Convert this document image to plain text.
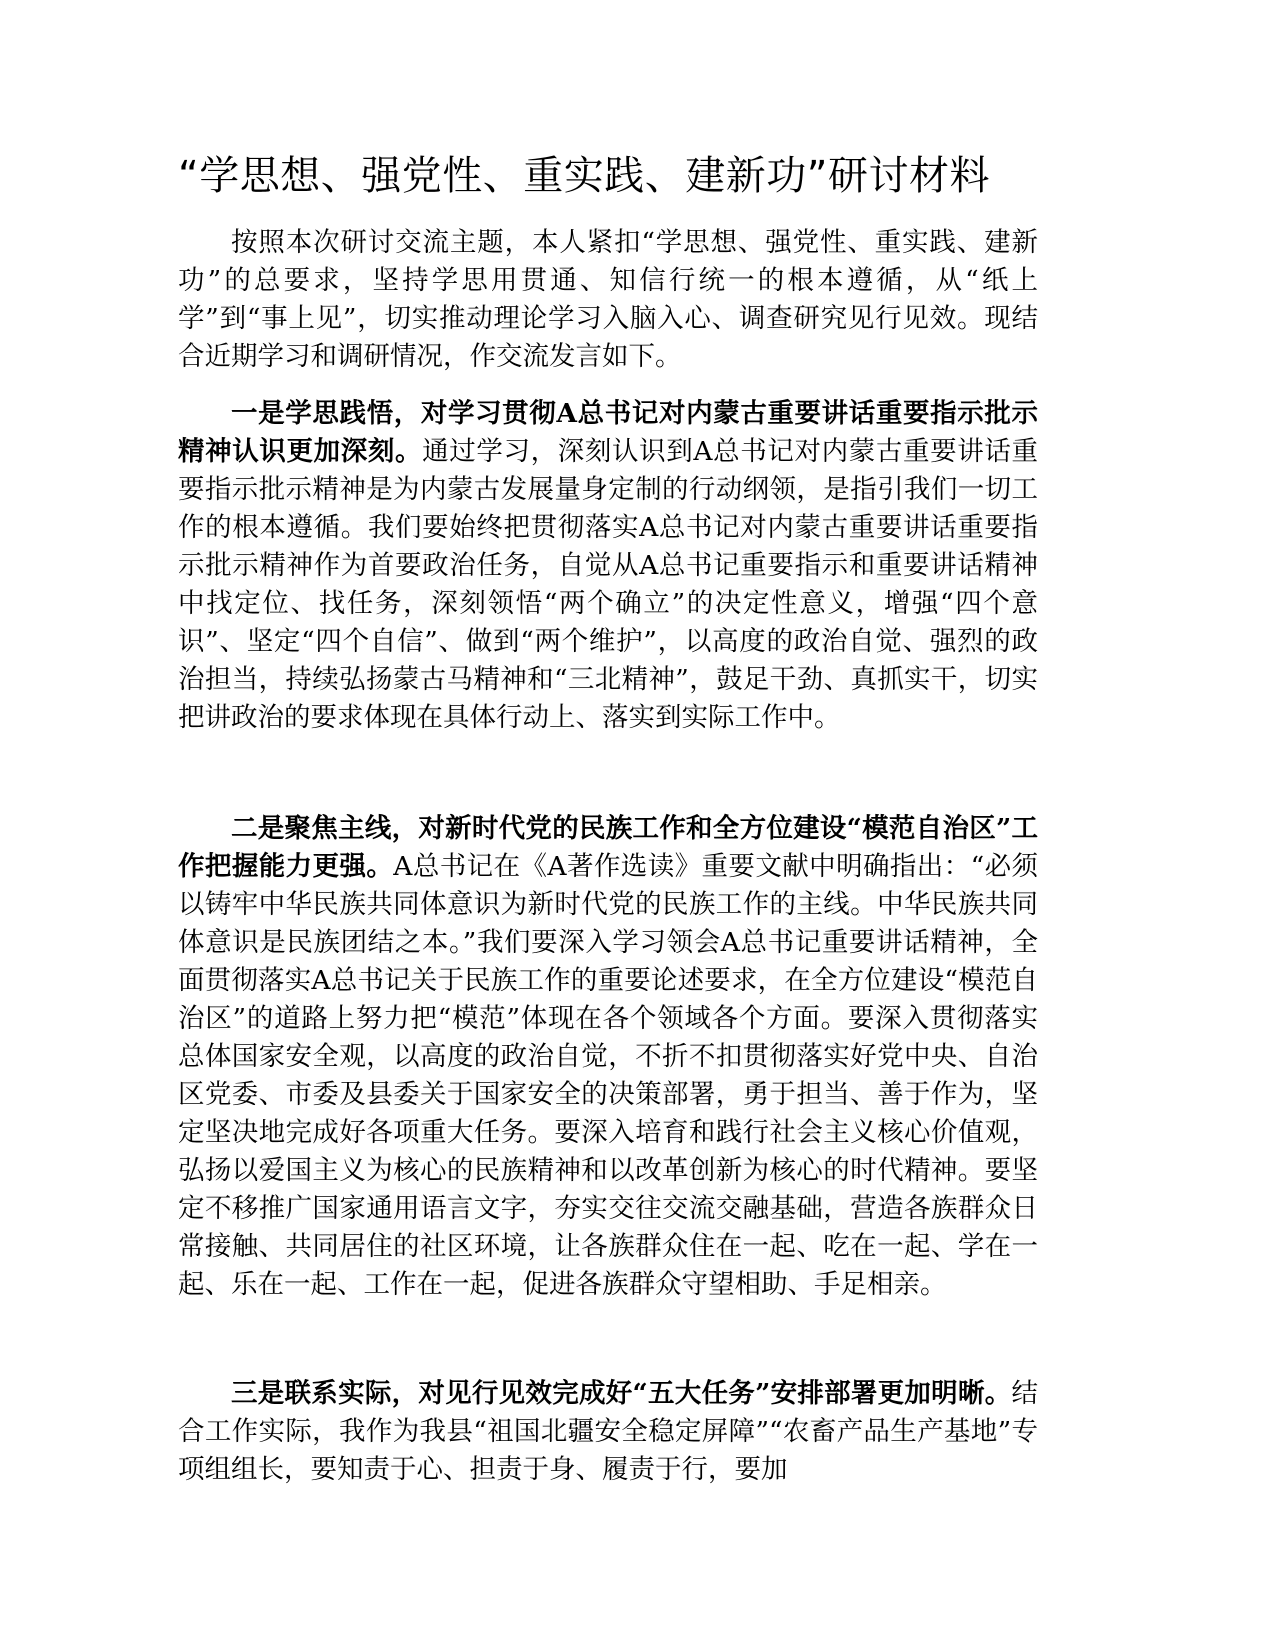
“学思想、强党性、重实践、建新功”研讨材料

按照本次研讨交流主题，本人紧扣“学思想、强党性、重实践、建新功”的总要求，坚持学思用贯通、知信行统一的根本遵循，从“纸上学”到“事上见”，切实推动理论学习入脑入心、调查研究见行见效。现结合近期学习和调研情况，作交流发言如下。

一是学思践悟，对学习贯彻A总书记对内蒙古重要讲话重要指示批示精神认识更加深刻。通过学习，深刻认识到A总书记对内蒙古重要讲话重要指示批示精神是为内蒙古发展量身定制的行动纲领，是指引我们一切工作的根本遵循。我们要始终把贯彻落实A总书记对内蒙古重要讲话重要指示批示精神作为首要政治任务，自觉从A总书记重要指示和重要讲话精神中找定位、找任务，深刻领悟“两个确立”的决定性意义，增强“四个意识”、坚定“四个自信”、做到“两个维护”，以高度的政治自觉、强烈的政治担当，持续弘扬蒙古马精神和“三北精神”，鼓足干劲、真抓实干，切实把讲政治的要求体现在具体行动上、落实到实际工作中。

二是聚焦主线，对新时代党的民族工作和全方位建设“模范自治区”工作把握能力更强。A总书记在《A著作选读》重要文献中明确指出：“必须以铸牢中华民族共同体意识为新时代党的民族工作的主线。中华民族共同体意识是民族团结之本。”我们要深入学习领会A总书记重要讲话精神，全面贯彻落实A总书记关于民族工作的重要论述要求，在全方位建设“模范自治区”的道路上努力把“模范”体现在各个领域各个方面。要深入贯彻落实总体国家安全观，以高度的政治自觉，不折不扣贯彻落实好党中央、自治区党委、市委及县委关于国家安全的决策部署，勇于担当、善于作为，坚定坚决地完成好各项重大任务。要深入培育和践行社会主义核心价值观，弘扬以爱国主义为核心的民族精神和以改革创新为核心的时代精神。要坚定不移推广国家通用语言文字，夯实交往交流交融基础，营造各族群众日常接触、共同居住的社区环境，让各族群众住在一起、吃在一起、学在一起、乐在一起、工作在一起，促进各族群众守望相助、手足相亲。

三是联系实际，对见行见效完成好“五大任务”安排部署更加明晰。结合工作实际，我作为我县“祖国北疆安全稳定屏障”“农畜产品生产基地”专项组组长，要知责于心、担责于身、履责于行，要加
